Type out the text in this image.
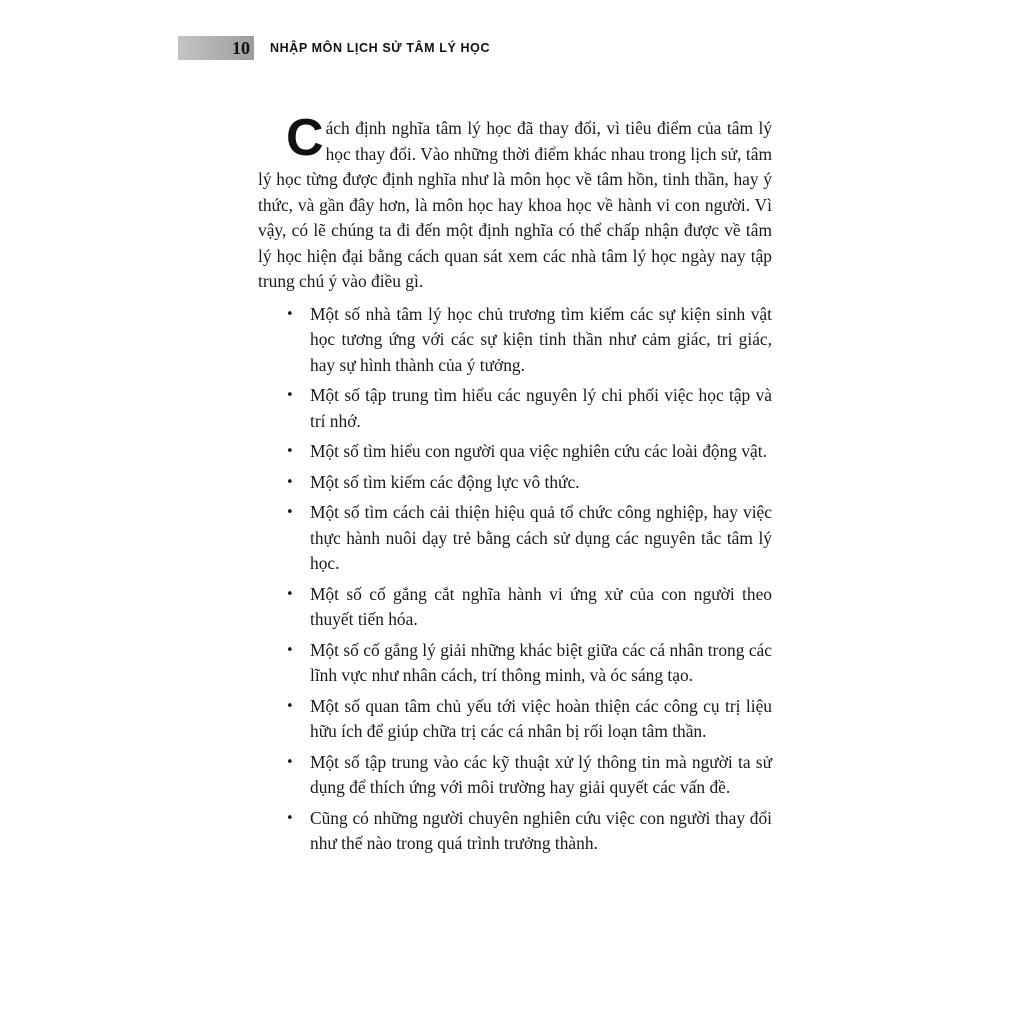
10 NHẬP MÔN LỊCH SỬ TÂM LÝ HỌC

Cách định nghĩa tâm lý học đã thay đổi, vì tiêu điểm của tâm lý học thay đổi. Vào những thời điểm khác nhau trong lịch sử, tâm lý học từng được định nghĩa như là môn học về tâm hồn, tinh thần, hay ý thức, và gần đây hơn, là môn học hay khoa học về hành vi con người. Vì vậy, có lẽ chúng ta đi đến một định nghĩa có thể chấp nhận được về tâm lý học hiện đại bằng cách quan sát xem các nhà tâm lý học ngày nay tập trung chú ý vào điều gì.

• Một số nhà tâm lý học chủ trương tìm kiếm các sự kiện sinh vật học tương ứng với các sự kiện tinh thần như cảm giác, tri giác, hay sự hình thành của ý tưởng.
• Một số tập trung tìm hiểu các nguyên lý chi phối việc học tập và trí nhớ.
• Một số tìm hiểu con người qua việc nghiên cứu các loài động vật.
• Một số tìm kiếm các động lực vô thức.
• Một số tìm cách cải thiện hiệu quả tổ chức công nghiệp, hay việc thực hành nuôi dạy trẻ bằng cách sử dụng các nguyên tắc tâm lý học.
• Một số cố gắng cắt nghĩa hành vi ứng xử của con người theo thuyết tiến hóa.
• Một số cố gắng lý giải những khác biệt giữa các cá nhân trong các lĩnh vực như nhân cách, trí thông minh, và óc sáng tạo.
• Một số quan tâm chủ yếu tới việc hoàn thiện các công cụ trị liệu hữu ích để giúp chữa trị các cá nhân bị rối loạn tâm thần.
• Một số tập trung vào các kỹ thuật xử lý thông tin mà người ta sử dụng để thích ứng với môi trường hay giải quyết các vấn đề.
• Cũng có những người chuyên nghiên cứu việc con người thay đổi như thế nào trong quá trình trưởng thành.
